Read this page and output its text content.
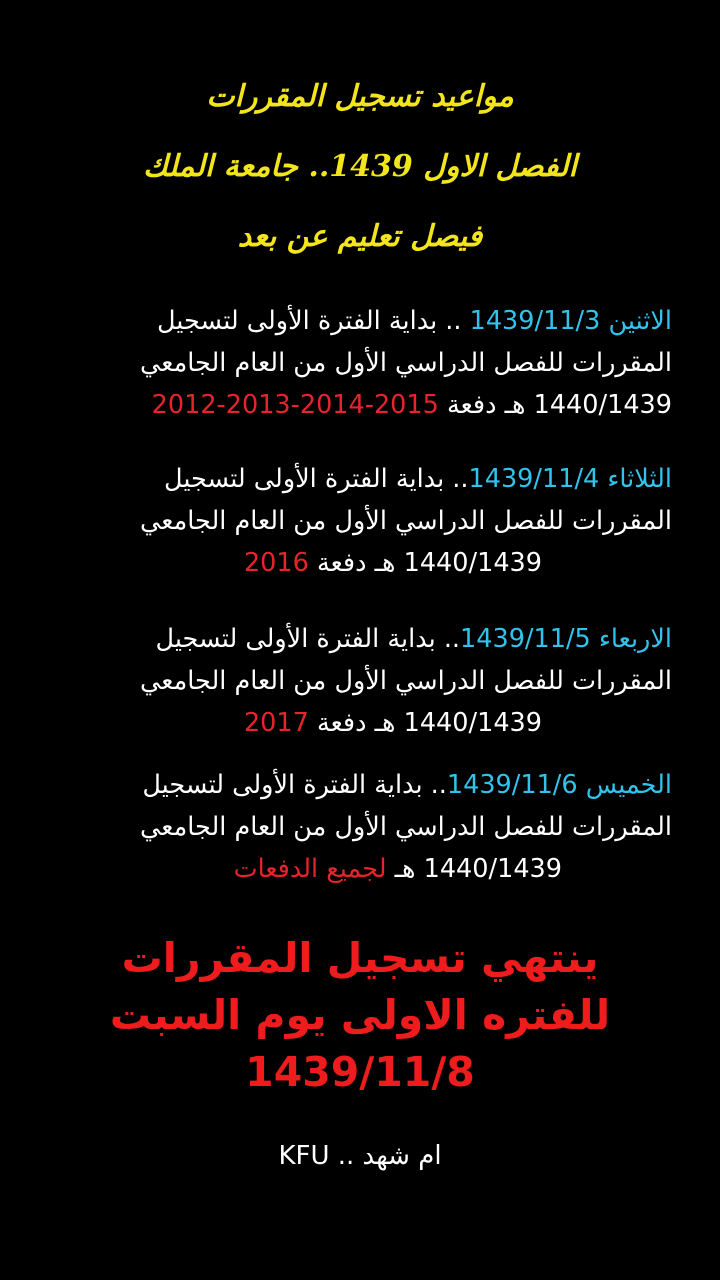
مواعيد تسجيل المقررات
الفصل الاول 1439.. جامعة الملك
فيصل تعليم عن بعد
الاثنين 1439/11/3 .. بداية الفترة الأولى لتسجيل
المقررات للفصل الدراسي الأول من العام الجامعي
1440/1439 هـ دفعة 2012-2013-2014-2015
الثلاثاء 1439/11/4.. بداية الفترة الأولى لتسجيل
المقررات للفصل الدراسي الأول من العام الجامعي
1440/1439 هـ دفعة 2016
الاربعاء 1439/11/5.. بداية الفترة الأولى لتسجيل
المقررات للفصل الدراسي الأول من العام الجامعي
1440/1439 هـ دفعة 2017
الخميس 1439/11/6.. بداية الفترة الأولى لتسجيل
المقررات للفصل الدراسي الأول من العام الجامعي
1440/1439 هـ لجميع الدفعات
ينتهي تسجيل المقررات
للفتره الاولى يوم السبت
1439/11/8
ام شهد .. KFU
